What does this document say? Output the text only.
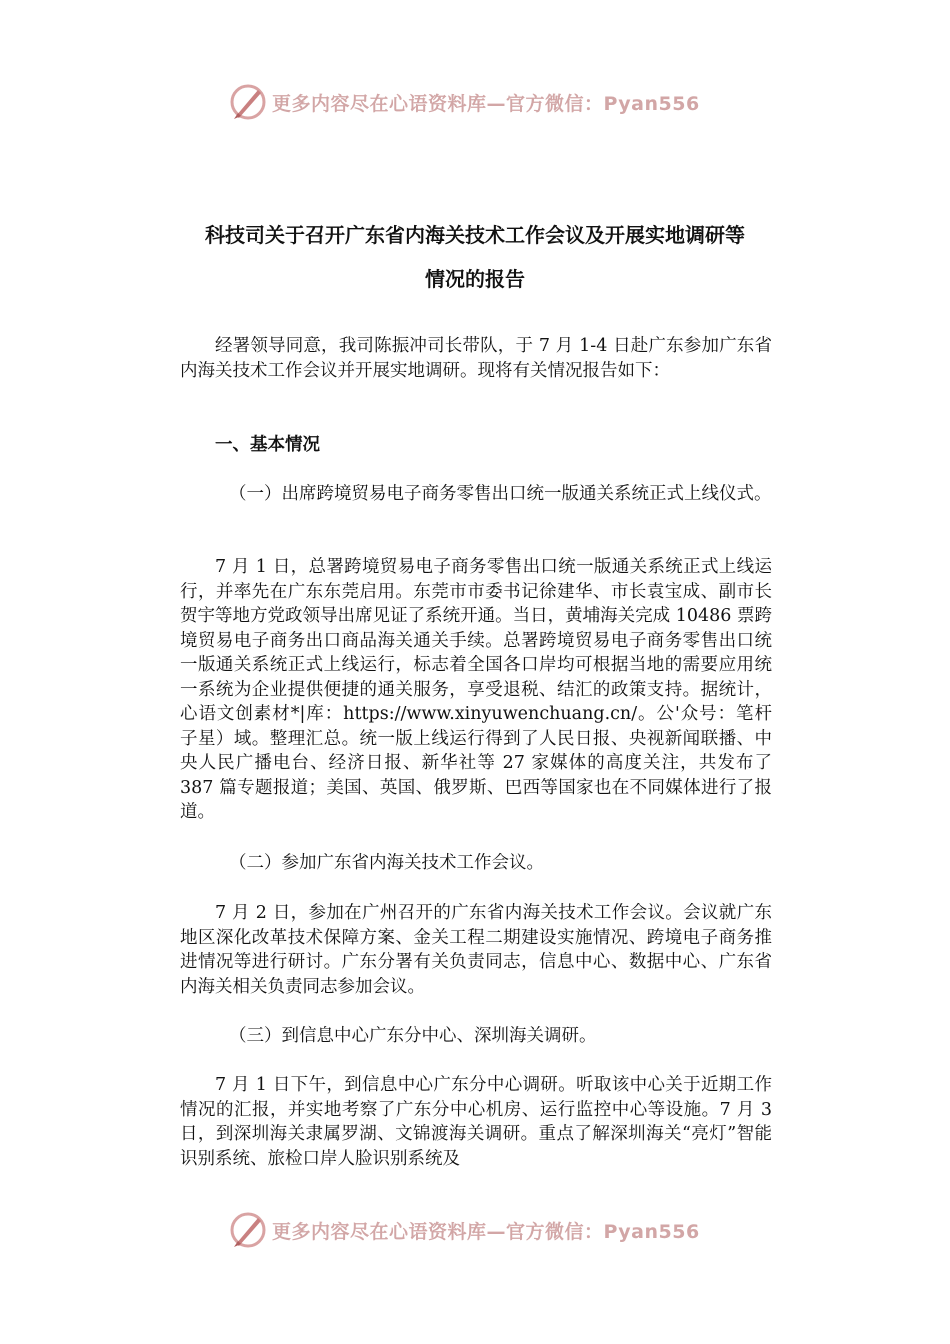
更多内容尽在心语资料库—官方微信：Pyan556
科技司关于召开广东省内海关技术工作会议及开展实地调研等
情况的报告

经署领导同意，我司陈振冲司长带队，于 7 月 1-4 日赴广东参加广东省内海关技术工作会议并开展实地调研。现将有关情况报告如下：

一、基本情况

（一）出席跨境贸易电子商务零售出口统一版通关系统正式上线仪式。

7 月 1 日，总署跨境贸易电子商务零售出口统一版通关系统正式上线运行，并率先在广东东莞启用。东莞市市委书记徐建华、市长袁宝成、副市长贺宇等地方党政领导出席见证了系统开通。当日，黄埔海关完成 10486 票跨境贸易电子商务出口商品海关通关手续。总署跨境贸易电子商务零售出口统一版通关系统正式上线运行，标志着全国各口岸均可根据当地的需要应用统一系统为企业提供便捷的通关服务，享受退税、结汇的政策支持。据统计，心语文创素材*|库：https://www.xinyuwenchuang.cn/。公'众号：笔杆子星）域。整理汇总。统一版上线运行得到了人民日报、央视新闻联播、中央人民广播电台、经济日报、新华社等 27 家媒体的高度关注，共发布了 387 篇专题报道；美国、英国、俄罗斯、巴西等国家也在不同媒体进行了报道。

（二）参加广东省内海关技术工作会议。

7 月 2 日，参加在广州召开的广东省内海关技术工作会议。会议就广东地区深化改革技术保障方案、金关工程二期建设实施情况、跨境电子商务推进情况等进行研讨。广东分署有关负责同志，信息中心、数据中心、广东省内海关相关负责同志参加会议。

（三）到信息中心广东分中心、深圳海关调研。

7 月 1 日下午，到信息中心广东分中心调研。听取该中心关于近期工作情况的汇报，并实地考察了广东分中心机房、运行监控中心等设施。7 月 3 日，到深圳海关隶属罗湖、文锦渡海关调研。重点了解深圳海关“亮灯”智能识别系统、旅检口岸人脸识别系统及

更多内容尽在心语资料库—官方微信：Pyan556
